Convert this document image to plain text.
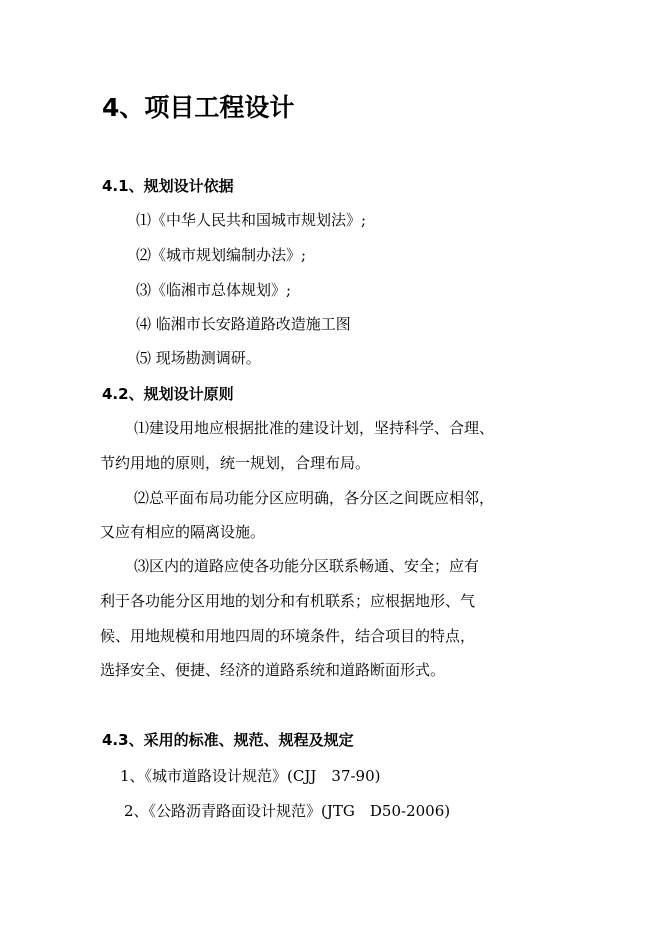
4、项目工程设计
4.1、规划设计依据
⑴《中华人民共和国城市规划法》;
⑵《城市规划编制办法》;
⑶《临湘市总体规划》;
⑷ 临湘市长安路道路改造施工图
⑸ 现场勘测调研。
4.2、规划设计原则
⑴建设用地应根据批准的建设计划，坚持科学、合理、
节约用地的原则，统一规划，合理布局。
⑵总平面布局功能分区应明确，各分区之间既应相邻，
又应有相应的隔离设施。
⑶区内的道路应使各功能分区联系畅通、安全；应有
利于各功能分区用地的划分和有机联系；应根据地形、气
候、用地规模和用地四周的环境条件，结合项目的特点，
选择安全、便捷、经济的道路系统和道路断面形式。
4.3、采用的标准、规范、规程及规定
1、《城市道路设计规范》(CJJ　37-90)
2、《公路沥青路面设计规范》(JTG　D50-2006)
